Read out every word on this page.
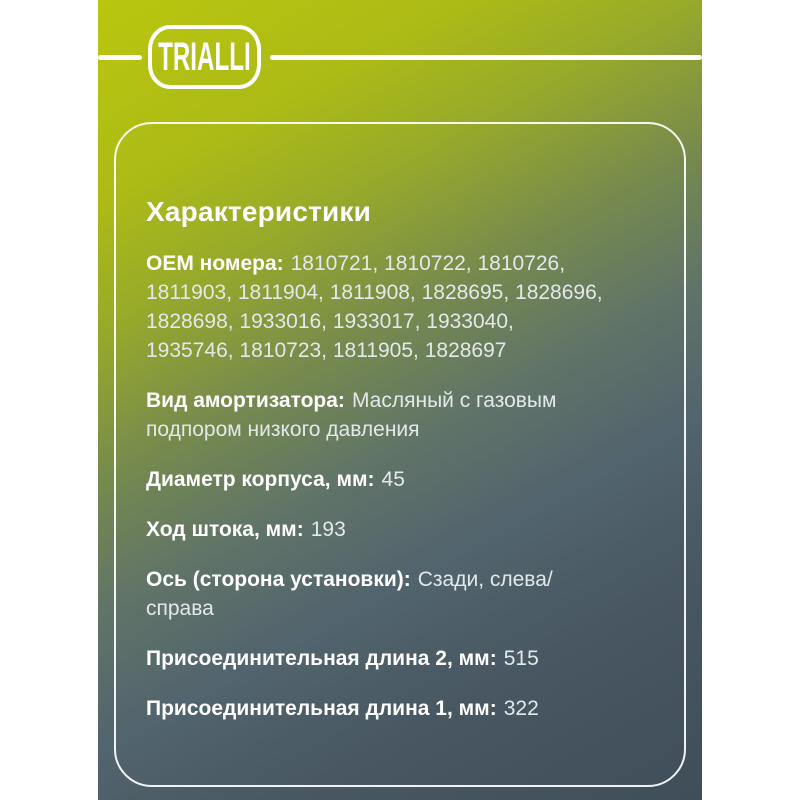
TRIALLI
Характеристики

OEM номера: 1810721, 1810722, 1810726, 1811903, 1811904, 1811908, 1828695, 1828696, 1828698, 1933016, 1933017, 1933040, 1935746, 1810723, 1811905, 1828697

Вид амортизатора: Масляный с газовым подпором низкого давления

Диаметр корпуса, мм: 45

Ход штока, мм: 193

Ось (сторона установки): Сзади, слева/справа

Присоединительная длина 2, мм: 515

Присоединительная длина 1, мм: 322
